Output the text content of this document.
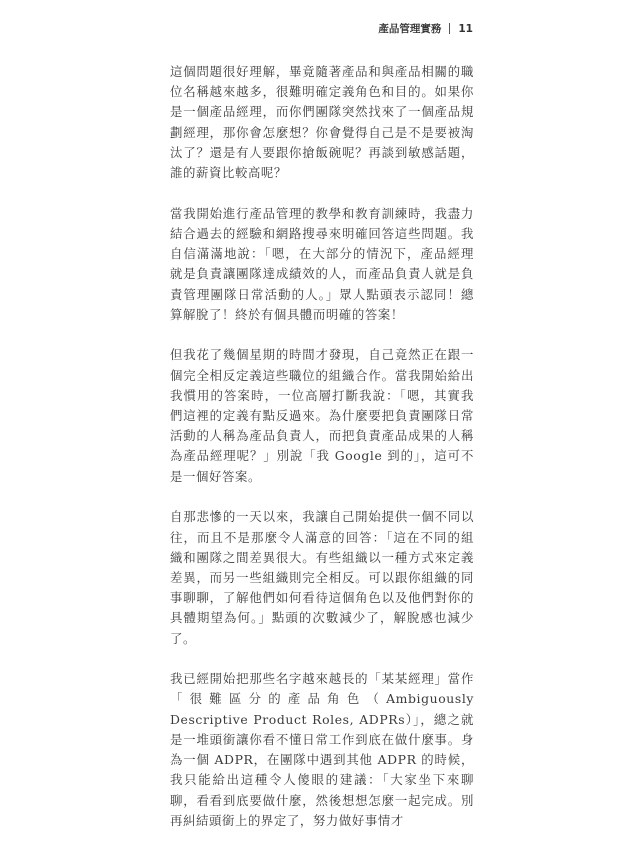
產品管理實務 11

這個問題很好理解，畢竟隨著產品和與產品相關的職位名稱越來越多，很難明確定義角色和目的。如果你是一個產品經理，而你們團隊突然找來了一個產品規劃經理，那你會怎麼想？你會覺得自己是不是要被淘汰了？還是有人要跟你搶飯碗呢？再談到敏感話題，誰的薪資比較高呢？

當我開始進行產品管理的教學和教育訓練時，我盡力結合過去的經驗和網路搜尋來明確回答這些問題。我自信滿滿地說：「嗯，在大部分的情況下，產品經理就是負責讓團隊達成績效的人，而產品負責人就是負責管理團隊日常活動的人。」眾人點頭表示認同！總算解脫了！終於有個具體而明確的答案！

但我花了幾個星期的時間才發現，自己竟然正在跟一個完全相反定義這些職位的組織合作。當我開始給出我慣用的答案時，一位高層打斷我說：「嗯，其實我們這裡的定義有點反過來。為什麼要把負責團隊日常活動的人稱為產品負責人，而把負責產品成果的人稱為產品經理呢？」別說「我 Google 到的」，這可不是一個好答案。

自那悲慘的一天以來，我讓自己開始提供一個不同以往，而且不是那麼令人滿意的回答：「這在不同的組織和團隊之間差異很大。有些組織以一種方式來定義差異，而另一些組織則完全相反。可以跟你組織的同事聊聊，了解他們如何看待這個角色以及他們對你的具體期望為何。」點頭的次數減少了，解脫感也減少了。

我已經開始把那些名字越來越長的「某某經理」當作「很難區分的產品角色（Ambiguously Descriptive Product Roles, ADPRs）」，總之就是一堆頭銜讓你看不懂日常工作到底在做什麼事。身為一個 ADPR，在團隊中遇到其他 ADPR 的時候，我只能給出這種令人傻眼的建議：「大家坐下來聊聊，看看到底要做什麼，然後想想怎麼一起完成。別再糾結頭銜上的界定了，努力做好事情才
